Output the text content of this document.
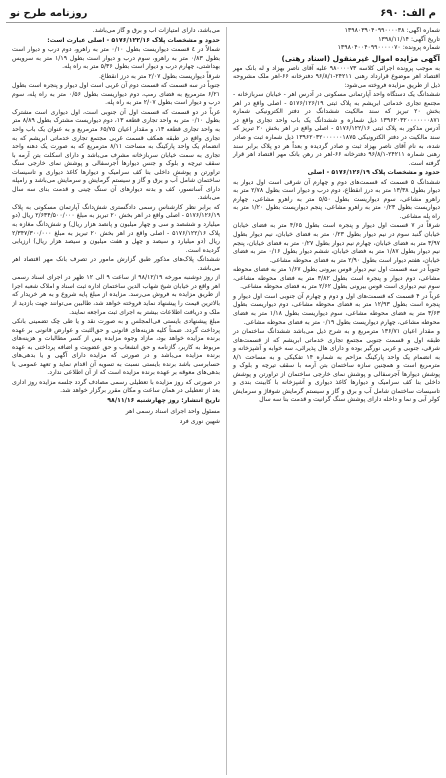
م الف: ۶۹۰
روزنامه طرح نو
شماره آگهی: ۱۳۹۸۰۳۹۰۴۰۹۹۰۰۰۰۳۸
تاریخ آگهی: ۱۳۹۸/۱۱/۱۴
شماره پرونده: ۱۳۹۸۰۴۰۰۴۰۹۹۰۰۰۰۰۷۰
آگهی مزایده اموال غیرمنقول (اسناد رهنی)

به موجب پرونده اجرائی کلاسه ۹۸۰۰۰۰۷۳ علیه آقای ناصر بهزاد و له بانک مهر اقتصاد اهر موضوع قرارداد رهنی ۲۴۲۱۱-۹۶/۸/۱ دفترخانه ۶۶-اهر ملک مشروحه ذیل از طریق مزایده فروخته می‌شود:

ششدانگ یک دستگاه واحد آپارتمانی مسکونی در آدرس اهر - خیابان سرباز‌خانه - مجتمع تجاری خدماتی ابریشم به پلاک ثبتی ۵۱۷۶/۱۲۶/۱۹ - اصلی واقع در اهر بخش ۲۰ تبریز که سند مالکیت ششدانگ در دفتر الکترونیکی شماره ۱۳۹۶۲۰۳۲۰۰۰۰۰۰۰۸۷۱ ذیل شماره و ششدانگ یک باب واحد تجاری واقع در آدرس مذکور به پلاک ثبتی ۵۱۷۶/۱۲۲/۱۶ - اصلی واقع در اهر بخش ۲۰ تبریز که سند مالکیت در دفتر الکترونیکی ۱۳۹۶۲۰۳۲۰۰۰۰۰۰۱۸۷۵ ذیل شماره ثبت و صادر شده، به نام آقای ناصر بهزاد ثبت و صادر گردیده و بعداً هر دو پلاک برابر سند رهنی شماره ۲۴۲۱۱-۹۶/۸/۱ دفترخانه ۶۶-اهر در رهن بانک مهر اقتصاد اهر قرار گرفته است.

حدود و مشخصات پلاک ۵۱۷۶/۱۲۶/۱۹ - اصلی

ششدانگ ۵ قسمت که قسمت‌های دوم و چهارم آن شرقی است اول دیوار به دیوار بطول ۱۳/۳۸ متر به درز انقطاع، دوم درب و دیوار است بطول ۲/۷۸ متر به راهرو مشاعی، سوم دیواریست بطول ۵/۵۰ متر به راهرو مشاعی، چهارم دیواریست بطول ۰/۲۳ متر به راهرو مشاعی، پنجم دیواریست بطول ۱/۲۰ متر به راه پله مشاعی.

شرقاً در ۷ قسمت اول دیوار و پنجره است بطول ۴/۶۵ متر به فضای خیابان خیابان گنبد سوم در نیم دیوار بطول ۰/۲۳ متر به فضای خیابان، نیم دیوار بطول ۳/۹۷ متر به فضای خیابان، چهارم نیم دیوار بطول ۰/۲۷ متر به فضای خیابان، پنجم نیم دیوار بطول ۱/۸۷ متر به فضای خیابان، ششم دیوار بطول ۰/۱۶ متر به فضای خیابان، هفتم دیوار است بطول ۲/۹۰ متر به فضای محوطه مشاعی.

جنوباً در سه قسمت اول نیم دیوار قوس بیرونی بطول ۱/۶۷ متر به فضای محوطه مشاعی، دوم دیوار و پنجره است بطول ۳/۸۲ متر به فضای محوطه مشاعی، سوم نیم دیواری است قوس بیرونی بطول ۲/۶۲ متر به فضای محوطه مشاعی.

غرباً در ۴ قسمت که قسمت‌های اول و دوم و چهارم آن جنوبی است اول دیوار و پنجره است بطول ۱۲/۹۳ متر به فضای محوطه مشاعی، دوم دیواریست بطول ۳/۶۳ متر به فضای محوطه مشاعی، سوم دیواریست بطول ۱/۱۸ متر به فضای محوطه مشاعی، چهارم دیواریست بطول ۰/۱۹ متر به فضای محوطه مشاعی.

و مقدار اعیان ۱۳۶/۷۱ مترمربع و به شرح ذیل می‌باشد ششدانگ ساختمان در طبقه اول و قسمت جنوبی مجتمع تجاری خدماتی ابریشم که از قسمت‌های شرقی، جنوبی و غربی نورگیر بوده و دارای هال پذیرائی، سه خوابه و آشپزخانه و به انضمام یک واحد پارکینگ مزاحم به شماره ۱۴ تفکیکی و به مساحت ۸/۱ مترمربع است و همچنین سازه ساختمان بتن آرمه با سقف تیرچه و بلوک و پوشش دیوارها آجرسفالی و پوشش نمای خارجی ساختمان از تراورتن و پوشش داخلی بنا کف سرامیک و دیوارها کاغذ دیواری و آشپزخانه با کابینت بندی و تاسیسات ساختمان شامل آب و برق و گاز و سیستم گرمایش شوفاژ و سرمایش کولر آبی و نما و داخله دارای پوشش سنگ گرانیت و قدمت بنا سه سال

می‌باشد، دارای امتیازات آب و برق و گاز می‌باشد.

حدود و مشخصات پلاک ۵۱۷۶/۱۲۲/۱۶ - اصلی عبارت است:

شمالاً در ٤ قسمت دیواریست بطول ۰/۱۰ متر به راهرو، دوم درب و دیوار است بطول ۰/۸۳ متر به راهرو، سوم درب و دیوار است بطول ۱/۱۹ متر به سرویس بهداشتی، چهارم درب و دیوار است بطول ۵/۳۶ متر به راه پله.

شرقاً دیواریست بطول ۲/۰۷ متر به درز انقطاع.

جنوباً در سه قسمت که قسمت دوم آن غربی است اول دیوار و پنجره است بطول ۶/۲۱ مترمربع به فضای رمپ، دوم دیواریست بطول ۰/۵۶ متر به راه پله، سوم درب و دیوار است بطول ۲/۰۷ متر به راه پله.

غرباً در دو قسمت که قسمت اول آن جنوبی است، اول دیواری است مشترک بطول ۰/۱۰ متر به واحد تجاری قطعه ۱۳، دوم دیواریست مشترک بطول ۸/۸۹ متر به واحد تجاری قطعه ۱۳، و مقدار اعیان ۶۵/۷۵ مترمربع و به عنوان یک باب واحد تجاری واقع در طبقه همکف قسمت غربی مجتمع تجاری خدماتی ابریشم که به انضمام یک واحد پارکینگ به مساحت ۸/۱۱ مترمربع که به صورت یک دهنه واحد تجاری به سمت خیابان سرباز‌خانه مشرف می‌باشد و دارای اسکلت بتن آرمه با سقف تیرچه و بلوک و جنس دیوارها آجرسفالی و پوشش نمای خارجی سنگ تراورتن و پوشش داخلی بنا کف سرامیک و دیوارها کاغذ دیواری و تاسیسات ساختمان شامل آب و برق و گاز و سیستم گرمایش و سرمایش می‌باشد و رامپله دارای آسانسور، کف و بدنه دیوارهای آن سنگ چینی و قدمت بنای سه سال می‌باشد.

که برابر نظر کارشناس رسمی دادگستری شش‌دانگ آپارتمان مسکونی به پلاک ۵۱۷۶/۱۲۶/۱۹ - اصلی واقع در اهر بخش ۲۰ تبریز به مبلغ ۲/۶۳۴/۵۰۰/۰۰۰ ریال (دو میلیارد و ششصد و سی و چهار میلیون و پانصد هزار ریال) و شش‌دانگ مغازه به پلاک ۵۱۷۶/۱۲۲/۱۶ - اصلی واقع در اهر بخش ۲۰ تبریز به مبلغ ۲/۳۴۷/۳۰۰/۰۰۰ ریال (دو میلیارد و سیصد و چهل و هفت میلیون و سیصد هزار ریال) ارزیابی گردیده است.

ششدانگ پلاک‌های مذکور طبق گزارش مامور در تصرف بانک مهر اقتصاد اهر می‌باشد.

از روز دوشنبه مورخه ۹۸/۱۲/۱۹ از ساعت ۹ الی ۱۲ ظهر در اجرای اسناد رسمی اهر واقع در خیابان شیخ شهاب الدین ساختمان اداره ثبت اسناد و املاک شعبه اجرا از طریق مزایده به فروش می‌رسد. مزایده از مبلغ پایه شروع و به هر خریدار که بالاترین قیمت را پیشنهاد نماید فروخته خواهد شد، طالبین می‌توانند جهت بازدید از ملک و دریافت اطلاعات بیشتر به اجرای ثبت مراجعه نمایند.

مبلغ پیشنهادی بایستی فی‌المجلس و به صورت نقد و یا طی چک تضمینی بانکی پرداخت گردد. ضمناً کلیه هزینه‌های قانونی و حق‌الثبت و عوارض قانونی بر عهده برنده مزایده خواهد بود، مازاد وجوه مزایده پس از کسر مطالبات و هزینه‌های مربوط به کاربر، گازنامه و حق انشعاب و حق عضویت و اضافه پرداختی به عهده برنده مزایده می‌باشد و در صورتی که مزایده دارای آگهی و یا بدهی‌های حسابرسی باشد برنده بایستی نسبت به تسویه آن اقدام نماید و تعهد عمومی یا بدهی‌های معوقه بر عهده برنده مزایده است که از آن اطلاعی ندارد.

در صورتی که روز مزایده با تعطیلی رسمی مصادف گردد جلسه مزایده روز اداری بعد از تعطیلی در همان ساعت و مکان مقرر برگزار خواهد شد.

تاریخ انتشار: روز چهارشنبه ۹۸/۱۱/۱۶

مسئول واحد اجرای اسناد رسمی اهر
شهین نوری فرد
